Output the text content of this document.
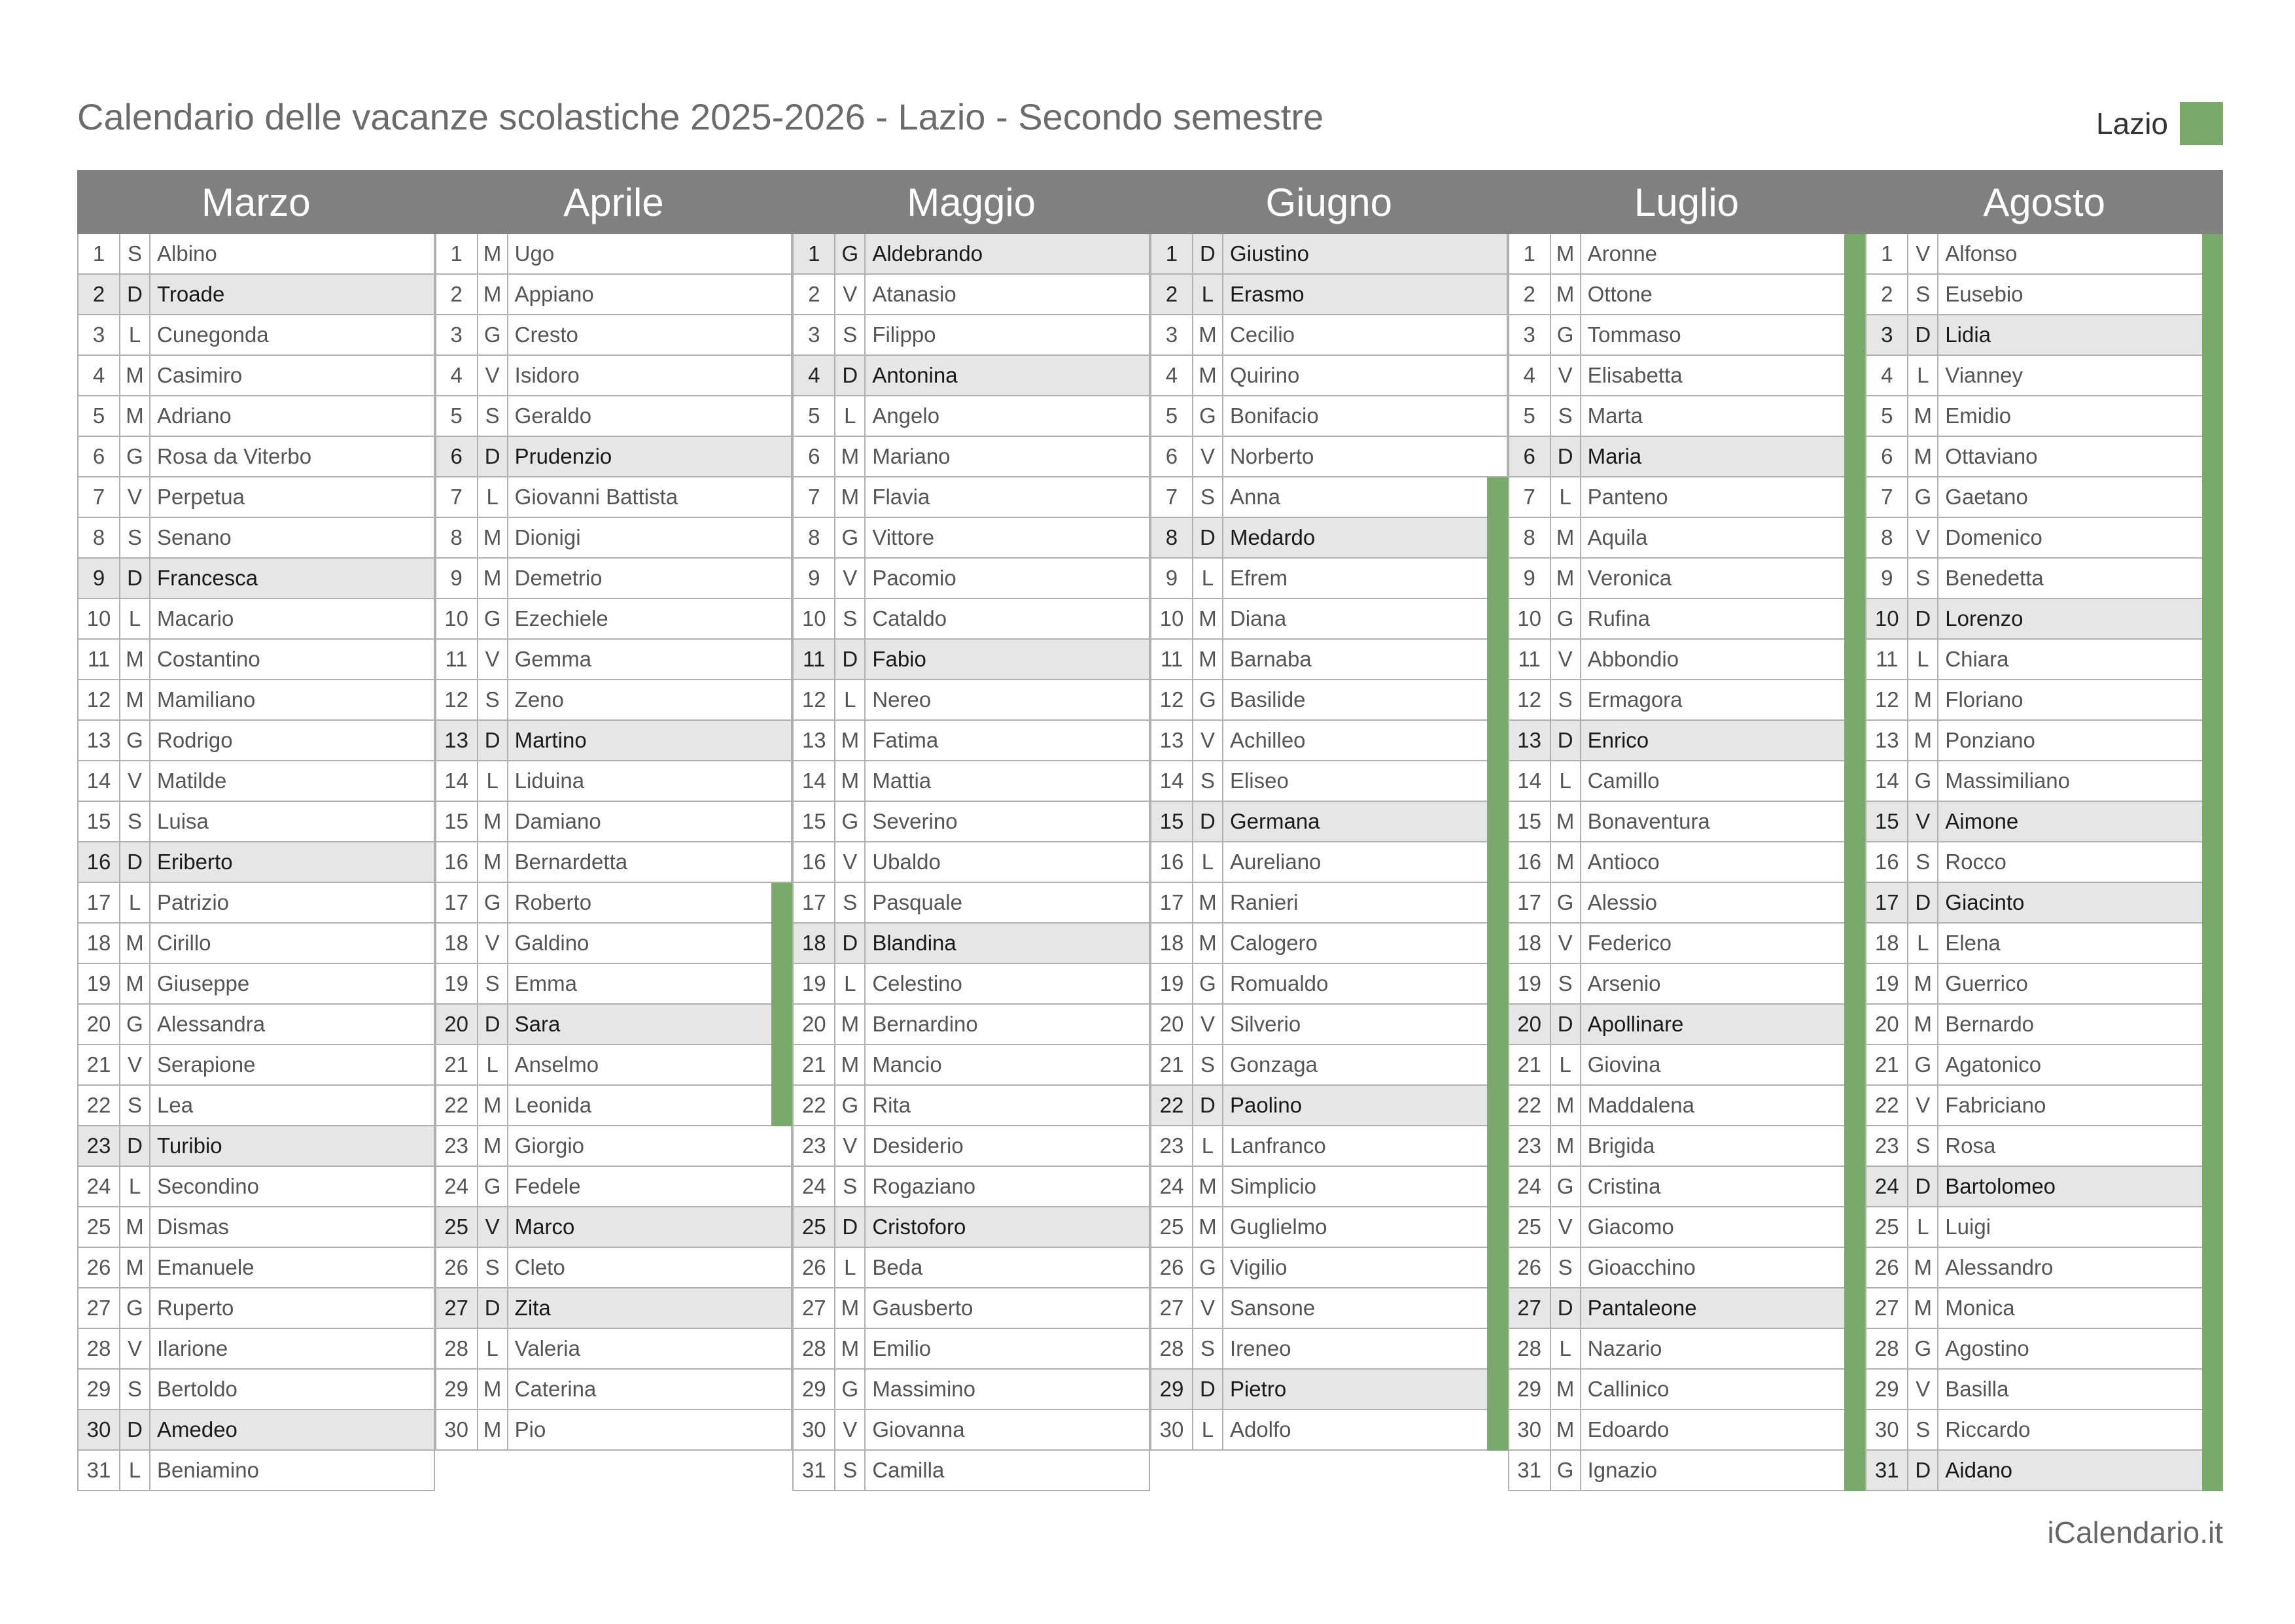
Calendario delle vacanze scolastiche 2025-2026 - Lazio - Secondo semestre	Lazio
Marzo
1	S Albino
2	D Troade
3	L Cunegonda
4 M Casimiro
5 M Adriano
6 G Rosa da Viterbo
7	V Perpetua
8	S Senano
9	D Francesca
10 L Macario
11 M Costantino
12 M Mamiliano
13 G Rodrigo
14 V Matilde
15 S Luisa
16 D Eriberto
17 L Patrizio
18 M Cirillo
19 M Giuseppe
20 G Alessandra
21 V Serapione
22 S Lea
23 D Turibio
24 L Secondino
25 M Dismas
26 M Emanuele
27 G Ruperto
28 V Ilarione
29 S Bertoldo
30 D Amedeo
31 L Beniamino
Aprile
1 M Ugo
2 M Appiano
3 G Cresto
4	V Isidoro
5	S Geraldo
6	D Prudenzio
7	L Giovanni Battista
8 M Dionigi
9 M Demetrio
10 G Ezechiele
11 V Gemma
12 S Zeno
13 D Martino
14 L Liduina
15 M Damiano
16 M Bernardetta
17 G Roberto
18 V Galdino
19 S Emma
20 D Sara
21 L Anselmo
22 M Leonida
23 M Giorgio
24 G Fedele
25 V Marco
26 S Cleto
27 D Zita
28 L Valeria
29 M Caterina
30 M Pio
Maggio
1 G Aldebrando
2	V Atanasio
3	S Filippo
4	D Antonina
5	L Angelo
6 M Mariano
7 M Flavia
8 G Vittore
9	V Pacomio
10 S Cataldo
11 D Fabio
12 L Nereo
13 M Fatima
14 M Mattia
15 G Severino
16 V Ubaldo
17 S Pasquale
18 D Blandina
19 L Celestino
20 M Bernardino
21 M Mancio
22 G Rita
23 V Desiderio
24 S Rogaziano
25 D Cristoforo
26 L Beda
27 M Gausberto
28 M Emilio
29 G Massimino
30 V Giovanna
31 S Camilla
Giugno
1	D Giustino
2	L Erasmo
3 M Cecilio
4 M Quirino
5 G Bonifacio
6	V Norberto
7	S Anna
8	D Medardo
9	L Efrem
10 M Diana
11 M Barnaba
12 G Basilide
13 V Achilleo
14 S Eliseo
15 D Germana
16 L Aureliano
17 M Ranieri
18 M Calogero
19 G Romualdo
20 V Silverio
21 S Gonzaga
22 D Paolino
23 L Lanfranco
24 M Simplicio
25 M Guglielmo
26 G Vigilio
27 V Sansone
28 S Ireneo
29 D Pietro
30 L Adolfo
Luglio
1 M Aronne
2 M Ottone
3 G Tommaso
4	V Elisabetta
5	S Marta
6	D Maria
7	L Panteno
8 M Aquila
9 M Veronica
10 G Rufina
11 V Abbondio
12 S Ermagora
13 D Enrico
14 L Camillo
15 M Bonaventura
16 M Antioco
17 G Alessio
18 V Federico
19 S Arsenio
20 D Apollinare
21 L Giovina
22 M Maddalena
23 M Brigida
24 G Cristina
25 V Giacomo
26 S Gioacchino
27 D Pantaleone
28 L Nazario
29 M Callinico
30 M Edoardo
31 G Ignazio
Agosto
1	V Alfonso
2	S Eusebio
3	D Lidia
4	L Vianney
5 M Emidio
6 M Ottaviano
7 G Gaetano
8	V Domenico
9	S Benedetta
10 D Lorenzo
11 L Chiara
12 M Floriano
13 M Ponziano
14 G Massimiliano
15 V Aimone
16 S Rocco
17 D Giacinto
18 L Elena
19 M Guerrico
20 M Bernardo
21 G Agatonico
22 V Fabriciano
23 S Rosa
24 D Bartolomeo
25 L Luigi
26 M Alessandro
27 M Monica
28 G Agostino
29 V Basilla
30 S Riccardo
31 D Aidano
iCalendario.it
